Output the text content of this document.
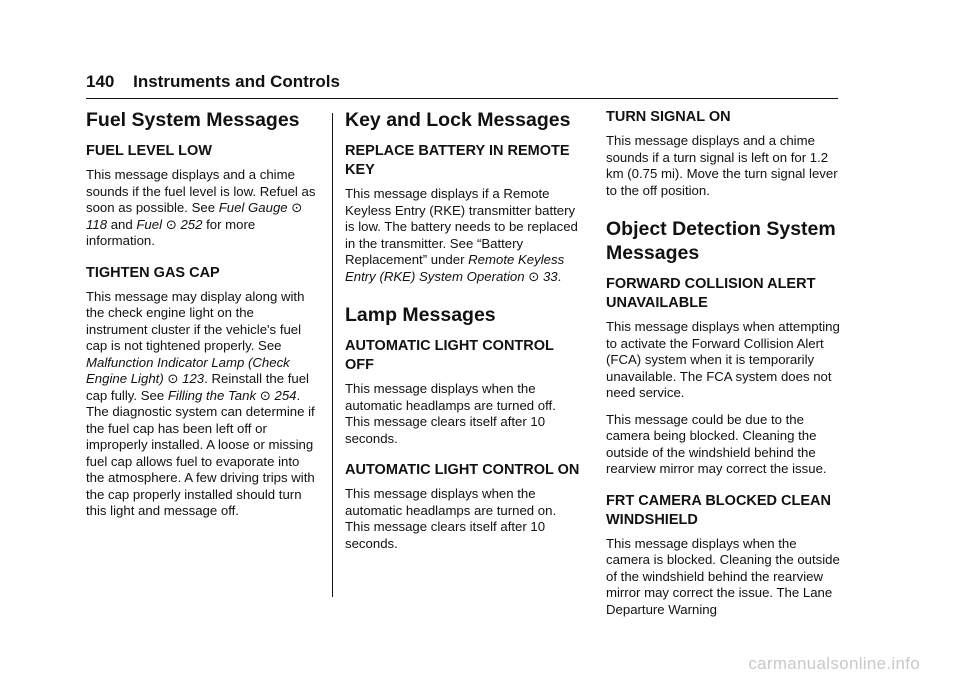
140 Instruments and Controls
Fuel System Messages
FUEL LEVEL LOW

This message displays and a chime sounds if the fuel level is low. Refuel as soon as possible. See Fuel Gauge ⊙ 118 and Fuel ⊙ 252 for more information.

TIGHTEN GAS CAP

This message may display along with the check engine light on the instrument cluster if the vehicle's fuel cap is not tightened properly. See Malfunction Indicator Lamp (Check Engine Light) ⊙ 123. Reinstall the fuel cap fully. See Filling the Tank ⊙ 254. The diagnostic system can determine if the fuel cap has been left off or improperly installed. A loose or missing fuel cap allows fuel to evaporate into the atmosphere. A few driving trips with the cap properly installed should turn this light and message off.

Key and Lock Messages
REPLACE BATTERY IN REMOTE KEY

This message displays if a Remote Keyless Entry (RKE) transmitter battery is low. The battery needs to be replaced in the transmitter. See “Battery Replacement” under Remote Keyless Entry (RKE) System Operation ⊙ 33.

Lamp Messages
AUTOMATIC LIGHT CONTROL OFF

This message displays when the automatic headlamps are turned off. This message clears itself after 10 seconds.

AUTOMATIC LIGHT CONTROL ON

This message displays when the automatic headlamps are turned on. This message clears itself after 10 seconds.

TURN SIGNAL ON

This message displays and a chime sounds if a turn signal is left on for 1.2 km (0.75 mi). Move the turn signal lever to the off position.

Object Detection System Messages
FORWARD COLLISION ALERT UNAVAILABLE

This message displays when attempting to activate the Forward Collision Alert (FCA) system when it is temporarily unavailable. The FCA system does not need service.

This message could be due to the camera being blocked. Cleaning the outside of the windshield behind the rearview mirror may correct the issue.

FRT CAMERA BLOCKED CLEAN WINDSHIELD

This message displays when the camera is blocked. Cleaning the outside of the windshield behind the rearview mirror may correct the issue. The Lane Departure Warning

carmanualsonline.info
